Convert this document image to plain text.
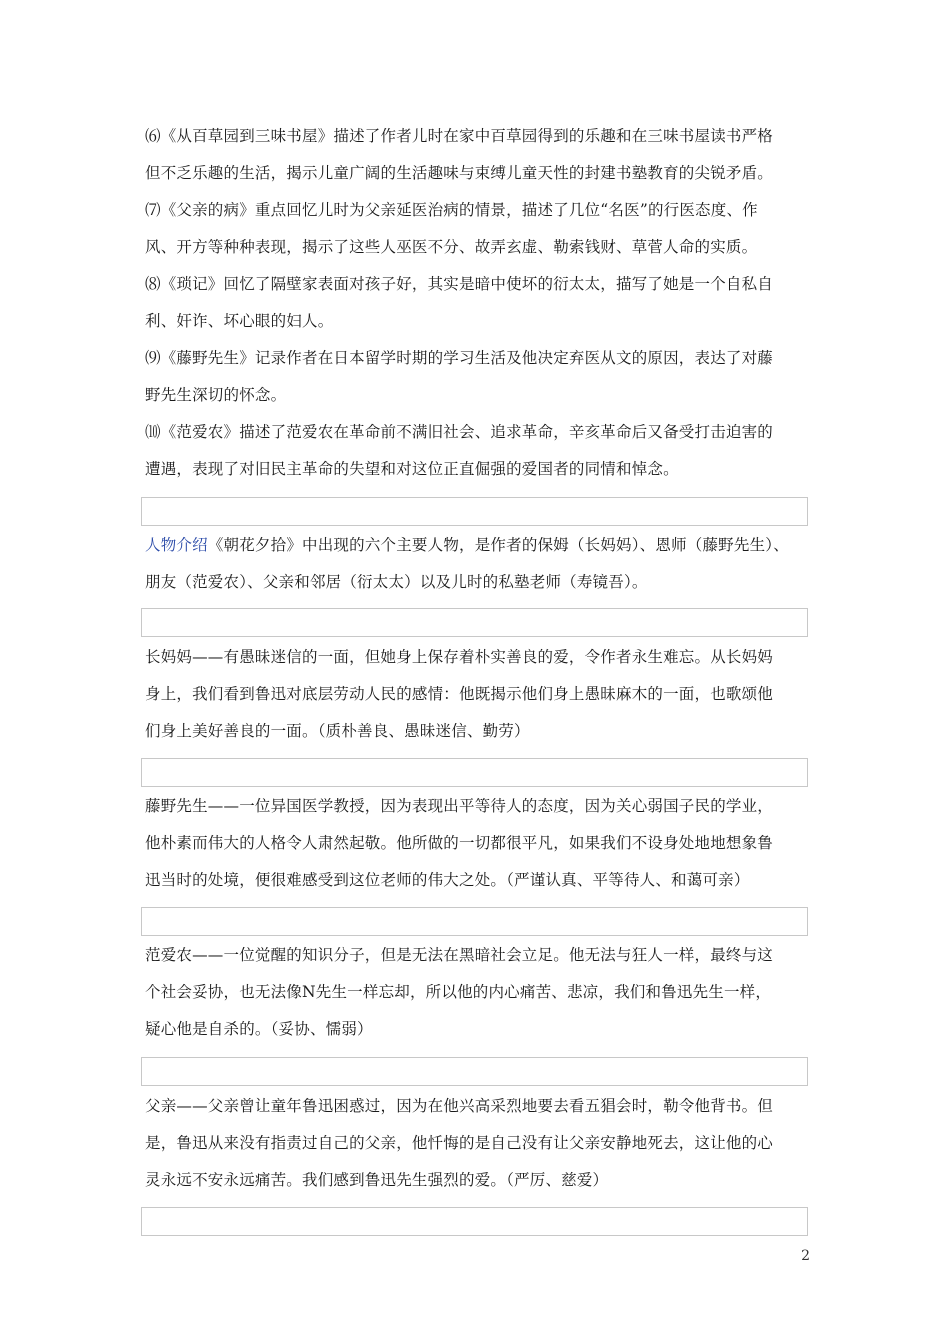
⑹《从百草园到三味书屋》描述了作者儿时在家中百草园得到的乐趣和在三味书屋读书严格

但不乏乐趣的生活，揭示儿童广阔的生活趣味与束缚儿童天性的封建书塾教育的尖锐矛盾。

⑺《父亲的病》重点回忆儿时为父亲延医治病的情景，描述了几位“名医”的行医态度、作

风、开方等种种表现，揭示了这些人巫医不分、故弄玄虚、勒索钱财、草菅人命的实质。

⑻《琐记》回忆了隔壁家表面对孩子好，其实是暗中使坏的衍太太，描写了她是一个自私自

利、奸诈、坏心眼的妇人。

⑼《藤野先生》记录作者在日本留学时期的学习生活及他决定弃医从文的原因，表达了对藤

野先生深切的怀念。

⑽《范爱农》描述了范爱农在革命前不满旧社会、追求革命，辛亥革命后又备受打击迫害的

遭遇，表现了对旧民主革命的失望和对这位正直倔强的爱国者的同情和悼念。

人物介绍《朝花夕拾》中出现的六个主要人物，是作者的保姆（长妈妈）、恩师（藤野先生）、

朋友（范爱农）、父亲和邻居（衍太太）以及儿时的私塾老师（寿镜吾）。

长妈妈——有愚昧迷信的一面，但她身上保存着朴实善良的爱，令作者永生难忘。从长妈妈

身上，我们看到鲁迅对底层劳动人民的感情：他既揭示他们身上愚昧麻木的一面，也歌颂他

们身上美好善良的一面。（质朴善良、愚昧迷信、勤劳）

藤野先生——一位异国医学教授，因为表现出平等待人的态度，因为关心弱国子民的学业，

他朴素而伟大的人格令人肃然起敬。他所做的一切都很平凡，如果我们不设身处地地想象鲁

迅当时的处境，便很难感受到这位老师的伟大之处。（严谨认真、平等待人、和蔼可亲）

范爱农——一位觉醒的知识分子，但是无法在黑暗社会立足。他无法与狂人一样，最终与这

个社会妥协，也无法像N先生一样忘却，所以他的内心痛苦、悲凉，我们和鲁迅先生一样，

疑心他是自杀的。（妥协、懦弱）

父亲——父亲曾让童年鲁迅困惑过，因为在他兴高采烈地要去看五猖会时，勒令他背书。但

是，鲁迅从来没有指责过自己的父亲，他忏悔的是自己没有让父亲安静地死去，这让他的心

灵永远不安永远痛苦。我们感到鲁迅先生强烈的爱。（严厉、慈爱）

2
